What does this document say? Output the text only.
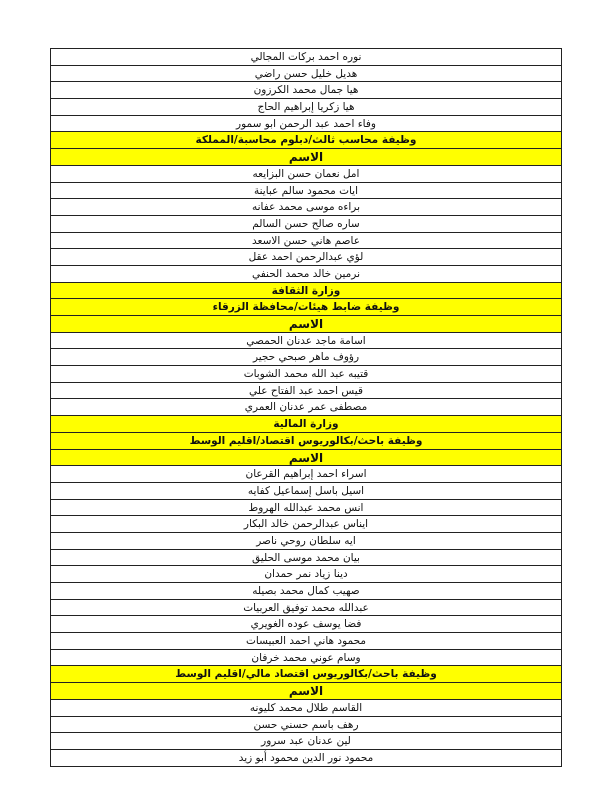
نوره احمد بركات المجالي
هديل خليل حسن راضي
هيا جمال محمد الكرزون
هيا زكريا إبراهيم الحاج
وفاء احمد عبد الرحمن ابو سمور
وظيفة محاسب ثالث/دبلوم محاسبة/المملكة
الاسم
امل نعمان حسن البزايعه
ايات محمود سالم عباينة
براءه موسى محمد عفانه
ساره صالح حسن السالم
عاصم هاني حسن الاسعد
لؤي عبدالرحمن احمد عقل
نرمين خالد محمد الحنفي
وزارة الثقافة
وظيفة ضابط هيئات/محافظة الزرقاء
الاسم
اسامة ماجد عدنان الحمصي
رؤوف ماهر صبحي حجير
قتيبه عبد الله محمد الشوبات
قيس احمد عبد الفتاح علي
مصطفى عمر عدنان العمري
وزارة المالية
وظيفة باحث/بكالوريوس اقتصاد/اقليم الوسط
الاسم
اسراء احمد إبراهيم القرعان
اسيل باسل إسماعيل كفايه
انس محمد عبدالله الهروط
ايناس عبدالرحمن خالد البكار
ايه سلطان روحي ناصر
بيان محمد موسى الحليق
دينا زياد نمر حمدان
صهيب كمال محمد بصيله
عبدالله محمد توفيق العربيات
فضا يوسف عوده الغويري
محمود هاني احمد العبيسات
وسام عوني محمد خرفان
وظيفة باحث/بكالوريوس اقتصاد مالي/اقليم الوسط
الاسم
القاسم طلال محمد كليونه
رهف باسم حسني حسن
لين عدنان عبد سرور
محمود نور الدين محمود أبو زيد
